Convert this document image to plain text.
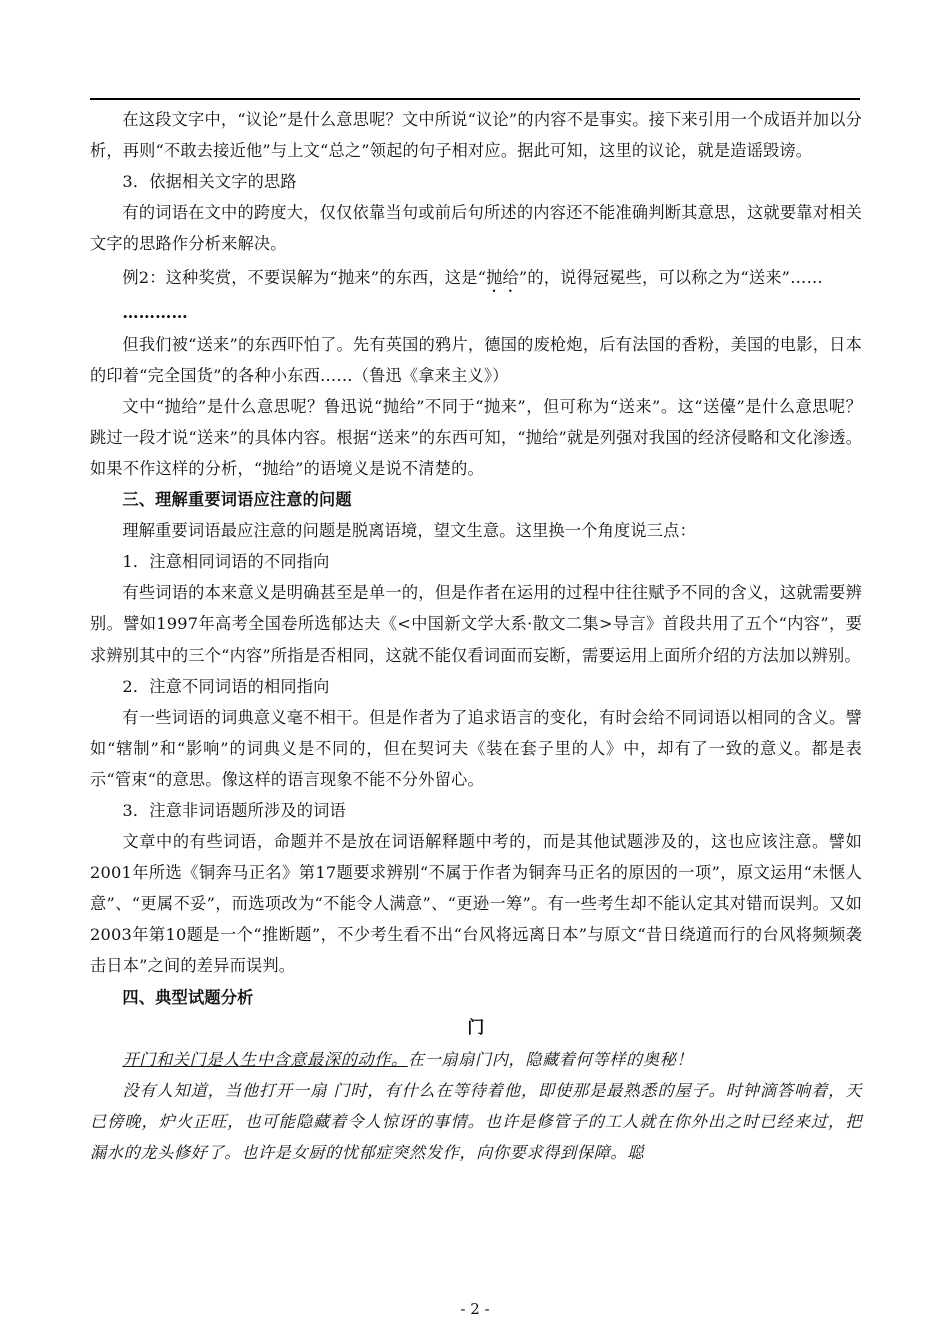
在这段文字中，“议论”是什么意思呢？文中所说“议论”的内容不是事实。接下来引用一个成语并加以分析，再则“不敢去接近他”与上文“总之”领起的句子相对应。据此可知，这里的议论，就是造谣毁谤。

3．依据相关文字的思路

有的词语在文中的跨度大，仅仅依靠当句或前后句所述的内容还不能准确判断其意思，这就要靠对相关文字的思路作分析来解决。

例2：这种奖赏，不要误解为“抛来”的东西，这是“抛给”的，说得冠冕些，可以称之为“送来”……

…………

但我们被“送来”的东西吓怕了。先有英国的鸦片，德国的废枪炮，后有法国的香粉，美国的电影，日本的印着“完全国货”的各种小东西……（鲁迅《拿来主义》）

文中“抛给”是什么意思呢？鲁迅说“抛给”不同于“抛来”，但可称为“送来”。这“送儓”是什么意思呢？跳过一段才说“送来”的具体内容。根据“送来”的东西可知，“抛给”就是列强对我国的经济侵略和文化渗透。如果不作这样的分析，“抛给”的语境义是说不清楚的。

三、理解重要词语应注意的问题

理解重要词语最应注意的问题是脱离语境，望文生意。这里换一个角度说三点：

1．注意相同词语的不同指向

有些词语的本来意义是明确甚至是单一的，但是作者在运用的过程中往往赋予不同的含义，这就需要辨别。譬如1997年高考全国卷所选郁达夫《<中国新文学大系·散文二集>导言》首段共用了五个“内容”，要求辨别其中的三个“内容”所指是否相同，这就不能仅看词面而妄断，需要运用上面所介绍的方法加以辨别。

2．注意不同词语的相同指向

有一些词语的词典意义毫不相干。但是作者为了追求语言的变化，有时会给不同词语以相同的含义。譬如“辖制”和“影响”的词典义是不同的，但在契诃夫《装在套子里的人》中，却有了一致的意义。都是表示“管束“的意思。像这样的语言现象不能不分外留心。

3．注意非词语题所涉及的词语

文章中的有些词语，命题并不是放在词语解释题中考的，而是其他试题涉及的，这也应该注意。譬如2001年所选《铜奔马正名》第17题要求辨别“不属于作者为铜奔马正名的原因的一项”，原文运用“未惬人意”、“更属不妥”，而选项改为“不能令人满意”、“更逊一筹”。有一些考生却不能认定其对错而误判。又如2003年第10题是一个“推断题”，不少考生看不出“台风将远离日本”与原文“昔日绕道而行的台风将频频袭击日本”之间的差异而误判。

四、典型试题分析

门

开门和关门是人生中含意最深的动作。在一扇扇门内，隐藏着何等样的奥秘！

没有人知道，当他打开一扇 门时，有什么在等待着他，即使那是最熟悉的屋子。时钟滴答响着，天已傍晚，炉火正旺，也可能隐藏着令人惊讶的事情。也许是修管子的工人就在你外出之时已经来过，把漏水的龙头修好了。也许是女厨的忧郁症突然发作，向你要求得到保障。聪

- 2 -
